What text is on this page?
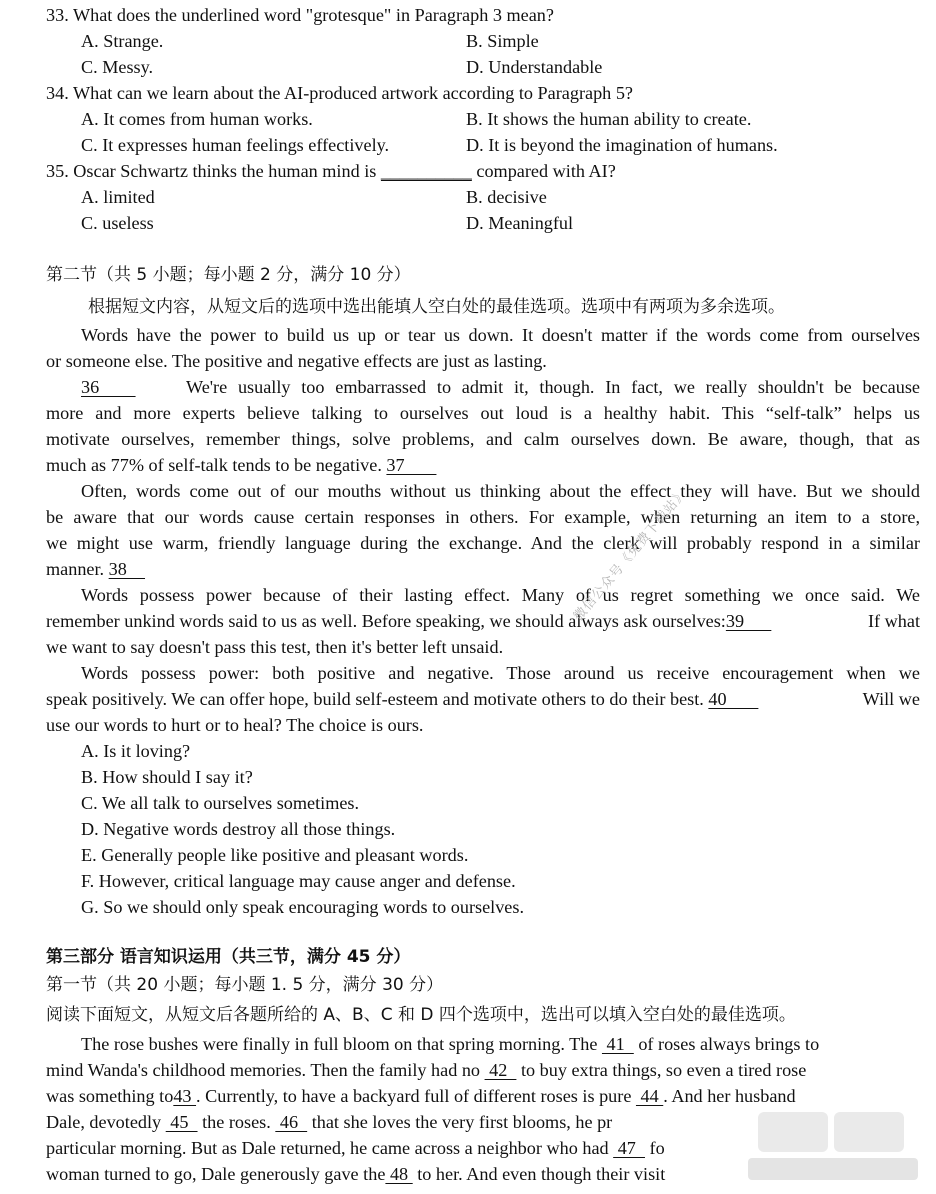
33. What does the underlined word "grotesque" in Paragraph 3 mean?
A. Strange.	B. Simple
C. Messy.	D. Understandable
34. What can we learn about the AI-produced artwork according to Paragraph 5?
A. It comes from human works.	B. It shows the human ability to create.
C. It expresses human feelings effectively.	D. It is beyond the imagination of humans.
35. Oscar Schwartz thinks the human mind is __________ compared with AI?
A. limited	B. decisive
C. useless	D. Meaningful
第二节（共 5 小题；每小题 2 分，满分 10 分）
根据短文内容，从短文后的选项中选出能填人空白处的最佳选项。选项中有两项为多余选项。
Words have the power to build us up or tear us down. It doesn't matter if the words come from ourselves
or someone else. The positive and negative effects are just as lasting.
36	We're usually too embarrassed to admit it, though. In fact, we really shouldn't be because
more and more experts believe talking to ourselves out loud is a healthy habit. This “self-talk” helps us
motivate ourselves, remember things, solve problems, and calm ourselves down. Be aware, though, that as
much as 77% of self-talk tends to be negative. 37
Often, words come out of our mouths without us thinking about the effect they will have. But we should
be aware that our words cause certain responses in others. For example, when returning an item to a store,
we might use warm, friendly language during the exchange. And the clerk will probably respond in a similar
manner. 38
Words possess power because of their lasting effect. Many of us regret something we once said. We
remember unkind words said to us as well. Before speaking, we should always ask ourselves:39	If what
we want to say doesn't pass this test, then it's better left unsaid.
Words possess power: both positive and negative. Those around us receive encouragement when we
speak positively. We can offer hope, build self-esteem and motivate others to do their best. 40	Will we
use our words to hurt or to heal? The choice is ours.
A. Is it loving?
B. How should I say it?
C. We all talk to ourselves sometimes.
D. Negative words destroy all those things.
E. Generally people like positive and pleasant words.
F. However, critical language may cause anger and defense.
G. So we should only speak encouraging words to ourselves.
第三部分 语言知识运用（共三节，满分 45 分）
第一节（共 20 小题；每小题 1. 5 分，满分 30 分）
阅读下面短文，从短文后各题所给的 A、B、C 和 D 四个选项中，选出可以填入空白处的最佳选项。
The rose bushes were finally in full bloom on that spring morning. The  41   of roses always brings to
mind Wanda's childhood memories. Then the family had no  42   to buy extra things, so even a tired rose
was something to43 . Currently, to have a backyard full of different roses is pure  44 . And her husband
Dale, devotedly  45   the roses.  46   that she loves the very first blooms, he pr
particular morning. But as Dale returned, he came across a neighbor who had  47   fo
woman turned to go, Dale generously gave the 48  to her. And even though their visit
微信公众号《免费下载站》
